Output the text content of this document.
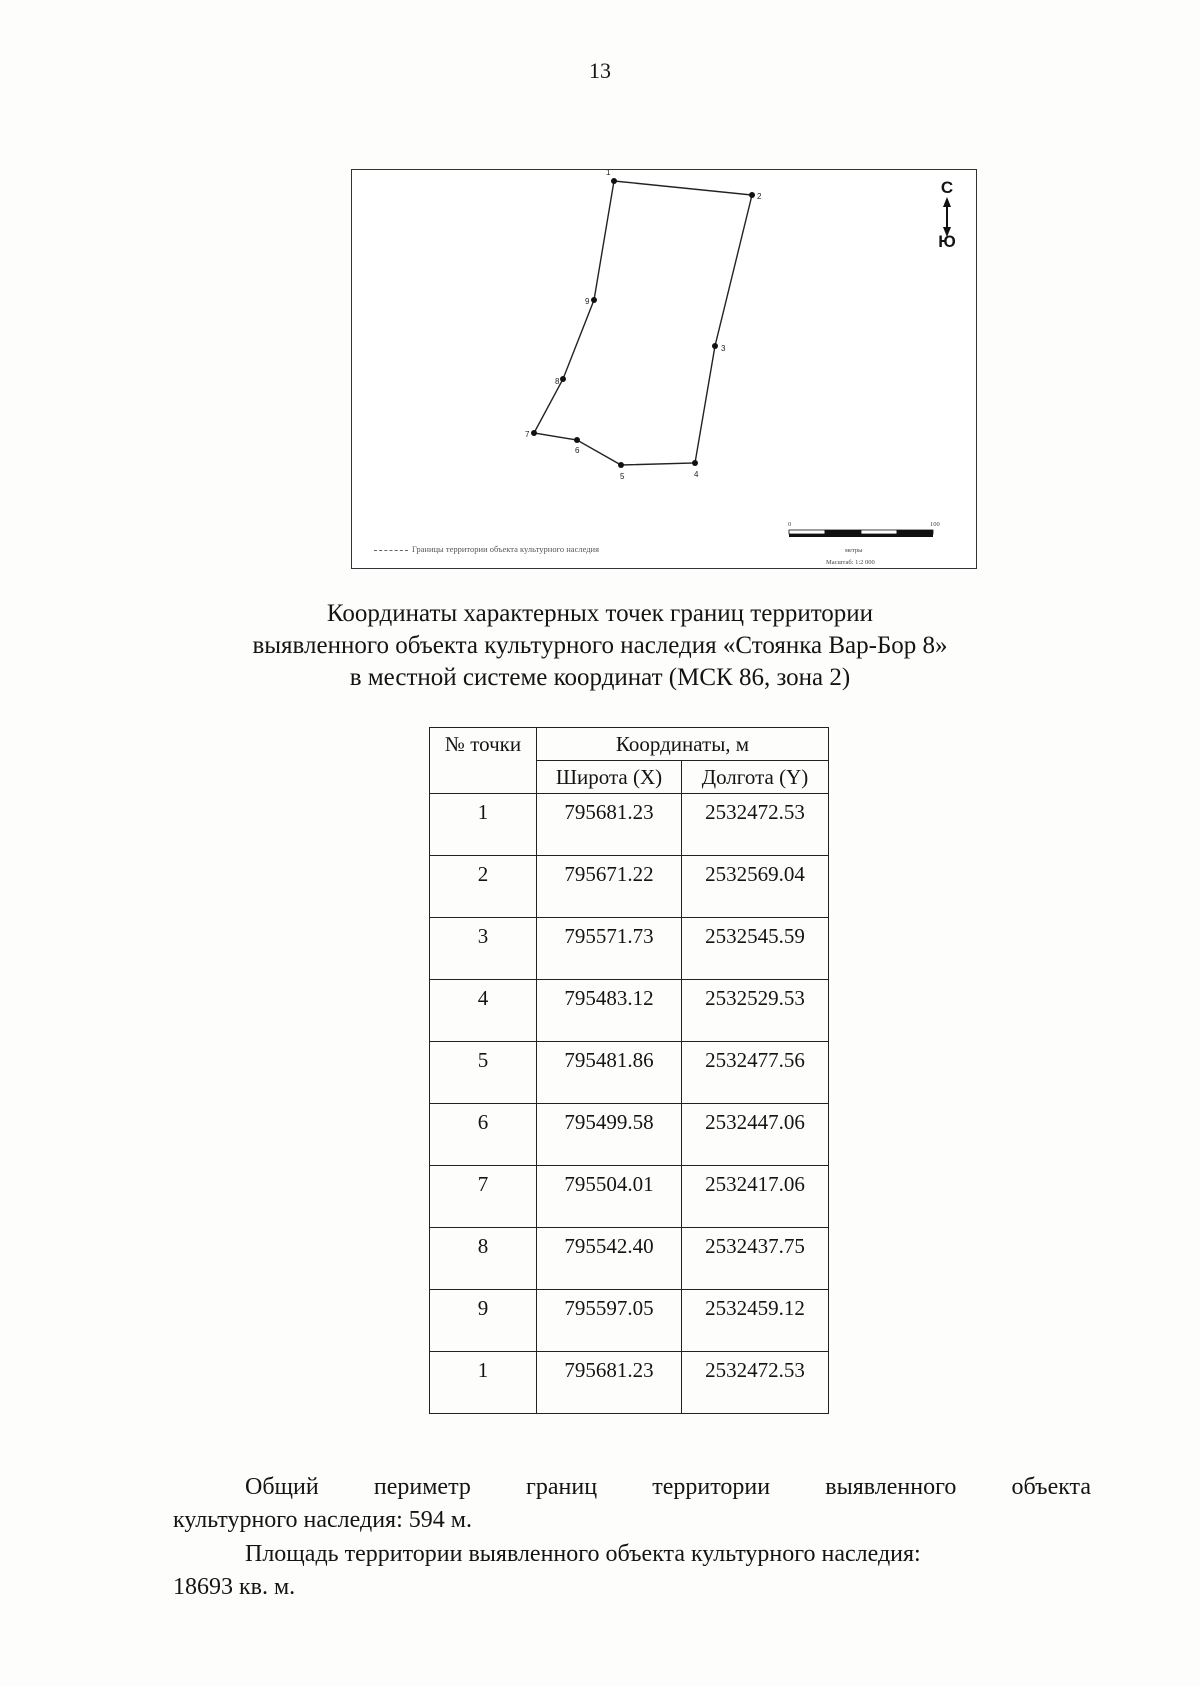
13
1
2
3
4
5
6
7
8
9
С
Ю
Границы территории объекта культурного наследия
0	100
метры
Масштаб: 1:2 000
Координаты характерных точек границ территории
выявленного объекта культурного наследия «Стоянка Вар-Бор 8»
в местной системе координат (МСК 86, зона 2)
№ точки	Координаты, м	
	Широта (X)	Долгота (Y)
1	795681.23	2532472.53
2	795671.22	2532569.04
3	795571.73	2532545.59
4	795483.12	2532529.53
5	795481.86	2532477.56
6	795499.58	2532447.06
7	795504.01	2532417.06
8	795542.40	2532437.75
9	795597.05	2532459.12
1	795681.23	2532472.53
Общий периметр границ территории выявленного объекта
культурного наследия: 594 м.
Площадь территории выявленного объекта культурного наследия:
18693 кв. м.
